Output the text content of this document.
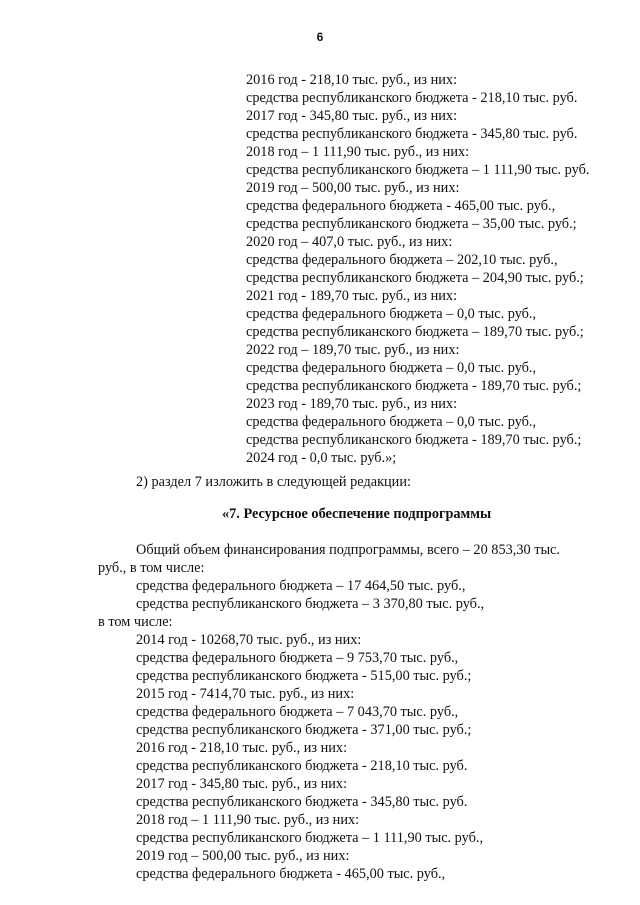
6
2016 год - 218,10 тыс. руб., из них:
средства республиканского бюджета - 218,10 тыс. руб.
2017 год - 345,80 тыс. руб., из них:
средства республиканского бюджета - 345,80 тыс. руб.
2018 год – 1 111,90 тыс. руб., из них:
средства республиканского бюджета – 1 111,90 тыс. руб.
2019 год – 500,00 тыс. руб., из них:
средства федерального бюджета - 465,00 тыс. руб.,
средства республиканского бюджета – 35,00 тыс. руб.;
2020 год – 407,0 тыс. руб., из них:
средства федерального бюджета – 202,10 тыс. руб.,
средства республиканского бюджета – 204,90 тыс. руб.;
2021 год - 189,70 тыс. руб., из них:
средства федерального бюджета – 0,0 тыс. руб.,
средства республиканского бюджета – 189,70 тыс. руб.;
2022 год – 189,70 тыс. руб., из них:
средства федерального бюджета – 0,0 тыс. руб.,
средства республиканского бюджета - 189,70 тыс. руб.;
2023 год - 189,70 тыс. руб., из них:
средства федерального бюджета – 0,0 тыс. руб.,
средства республиканского бюджета - 189,70 тыс. руб.;
2024 год - 0,0 тыс. руб.»;
2) раздел 7 изложить в следующей редакции:
«7. Ресурсное обеспечение подпрограммы
Общий объем финансирования подпрограммы, всего – 20 853,30 тыс.
руб., в том числе:
средства федерального бюджета – 17 464,50 тыс. руб.,
средства республиканского бюджета – 3 370,80 тыс. руб.,
в том числе:
2014 год - 10268,70 тыс. руб., из них:
средства федерального бюджета – 9 753,70 тыс. руб.,
средства республиканского бюджета - 515,00 тыс. руб.;
2015 год - 7414,70 тыс. руб., из них:
средства федерального бюджета – 7 043,70 тыс. руб.,
средства республиканского бюджета - 371,00 тыс. руб.;
2016 год - 218,10 тыс. руб., из них:
средства республиканского бюджета - 218,10 тыс. руб.
2017 год - 345,80 тыс. руб., из них:
средства республиканского бюджета - 345,80 тыс. руб.
2018 год – 1 111,90 тыс. руб., из них:
средства республиканского бюджета – 1 111,90 тыс. руб.,
2019 год – 500,00 тыс. руб., из них:
средства федерального бюджета - 465,00 тыс. руб.,
